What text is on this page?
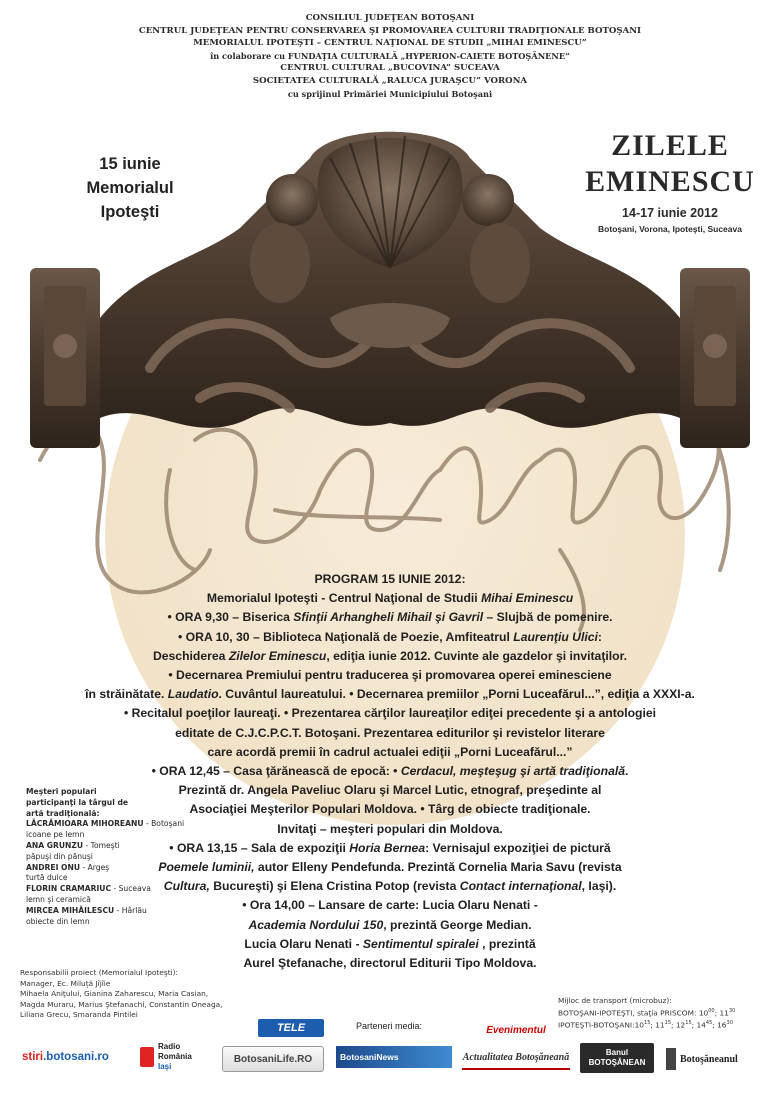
CONSILIUL JUDEŢEAN BOTOŞANI
CENTRUL JUDEŢEAN PENTRU CONSERVAREA ŞI PROMOVAREA CULTURII TRADIŢIONALE BOTOŞANI
MEMORIALUL IPOTEŞTI – CENTRUL NAŢIONAL DE STUDII „MIHAI EMINESCU”
în colaborare cu FUNDAŢIA CULTURALĂ „HYPERION-CAIETE BOTOŞĂNENE”
CENTRUL CULTURAL „BUCOVINA” SUCEAVA
SOCIETATEA CULTURALĂ „RALUCA JURAŞCU” VORONA
cu sprijinul Primăriei Municipiului Botoşani
15 iunie
Memorialul
Ipoteşti
ZILELE
EMINESCU
14-17 iunie 2012
Botoşani, Vorona, Ipoteşti, Suceava
PROGRAM 15 IUNIE 2012:
Memorialul Ipoteşti - Centrul Naţional de Studii Mihai Eminescu
• ORA 9,30 – Biserica Sfinţii Arhangheli Mihail şi Gavril – Slujbă de pomenire.
• ORA 10, 30 – Biblioteca Naţională de Poezie, Amfiteatrul Laurenţiu Ulici:
Deschiderea Zilelor Eminescu, ediţia iunie 2012. Cuvinte ale gazdelor şi invitaţilor.
• Decernarea Premiului pentru traducerea şi promovarea operei eminesciene
în străinătate. Laudatio. Cuvântul laureatului. • Decernarea premiilor „Porni Luceafărul...”, ediţia a XXXI-a.
• Recitalul poeţilor laureaţi. • Prezentarea cărţilor laureaţilor ediţei precedente şi a antologiei
editate de C.J.C.P.C.T. Botoşani. Prezentarea editurilor şi revistelor literare
care acordă premii în cadrul actualei ediţii „Porni Luceafărul...”
• ORA 12,45 – Casa ţărănească de epocă: • Cerdacul, meşteşug şi artă tradiţională.
Prezintă dr. Angela Paveliuc Olaru şi Marcel Lutic, etnograf, preşedinte al
Asociaţiei Meşterilor Populari Moldova. • Târg de obiecte tradiţionale.
Invitaţi – meşteri populari din Moldova.
• ORA 13,15 – Sala de expoziţii Horia Bernea: Vernisajul expoziţiei de pictură
Poemele luminii, autor Elleny Pendefunda. Prezintă Cornelia Maria Savu (revista
Cultura, Bucureşti) şi Elena Cristina Potop (revista Contact internaţional, Iaşi).
• Ora 14,00 – Lansare de carte: Lucia Olaru Nenati -
Academia Nordului 150, prezintă George Median.
Lucia Olaru Nenati - Sentimentul spiralei , prezintă
Aurel Ştefanache, directorul Editurii Tipo Moldova.
Meşteri populari
participanţi la târgul de
artă tradiţională:
LĂCRĂMIOARA MIHOREANU - Botoşani
icoane pe lemn
ANA GRUNZU - Tomeşti
păpuşi din pănuşi
ANDREI ONU - Argeş
turtă dulce
FLORIN CRAMARIUC - Suceava
lemn şi ceramică
MIRCEA MIHĂILESCU - Hârlău
obiecte din lemn
Responsabilii proiect (Memorialul Ipoteşti):
Manager, Ec. Miluţă Jîjîie
Mihaela Aniţului, Gianina Zaharescu, Maria Casian,
Magda Muraru, Marius Ştefanachi, Constantin Oneaga,
Liliana Grecu, Smaranda Pintilei
Mijloc de transport (microbuz):
BOTOŞANI-IPOTEŞTI, staţia PRISCOM: $10^{00}$; $11^{30}$
IPOTEŞTI-$BOTOŞANI:10^{15}$; $11^{15}$; $12^{15}$; $14^{45}$; $16^{30}$
Parteneri media:
TELE	Evenimentul
stiri .botosani.ro
Radio
România
Iaşi
BotosaniLife.RO	BotosaniNews	Actualitatea Botoşăneană	Banul
BOTOŞĂNEAN	Botoşăneanul
